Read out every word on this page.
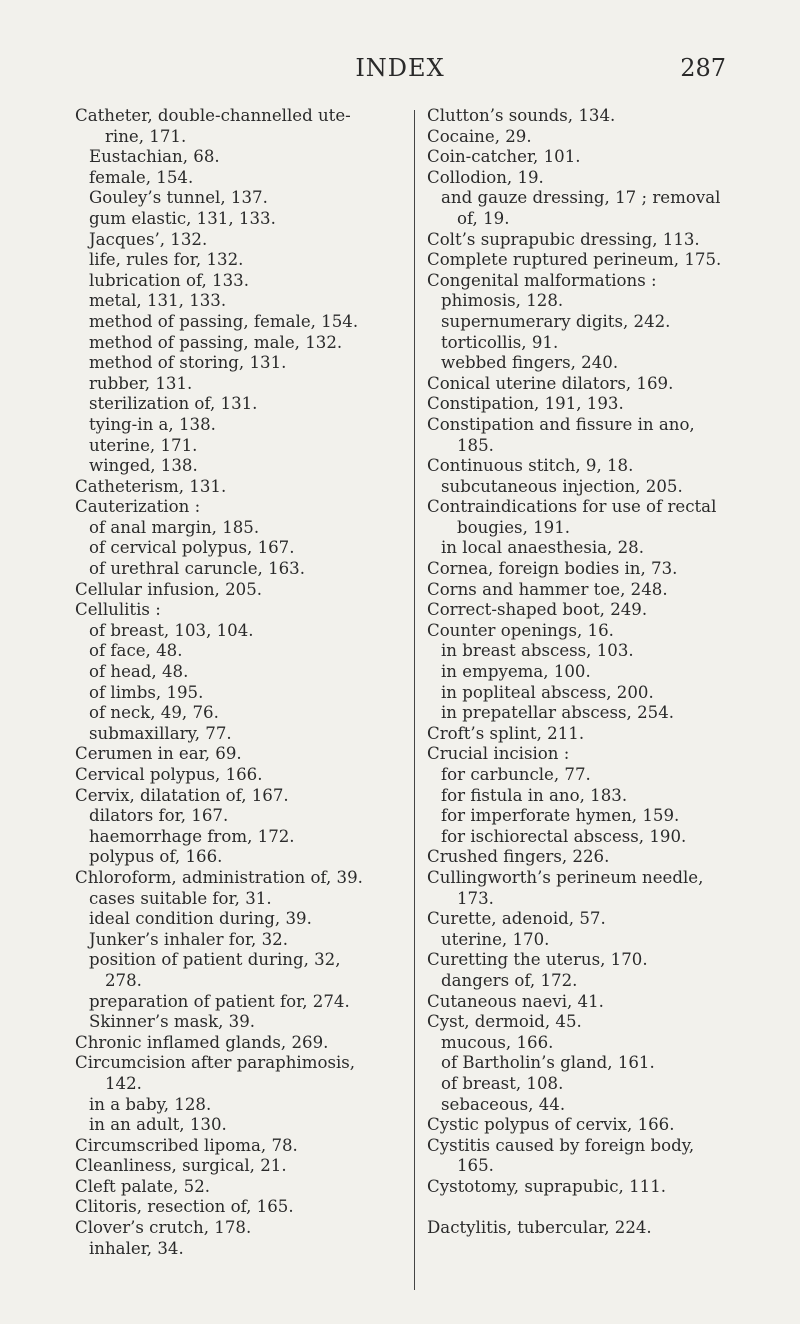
INDEX	287
Catheter, double-channelled ute-
rine, 171.
Eustachian, 68.
female, 154.
Gouley’s tunnel, 137.
gum elastic, 131, 133.
Jacques’, 132.
life, rules for, 132.
lubrication of, 133.
metal, 131, 133.
method of passing, female, 154.
method of passing, male, 132.
method of storing, 131.
rubber, 131.
sterilization of, 131.
tying-in a, 138.
uterine, 171.
winged, 138.
Catheterism, 131.
Cauterization :
of anal margin, 185.
of cervical polypus, 167.
of urethral caruncle, 163.
Cellular infusion, 205.
Cellulitis :
of breast, 103, 104.
of face, 48.
of head, 48.
of limbs, 195.
of neck, 49, 76.
submaxillary, 77.
Cerumen in ear, 69.
Cervical polypus, 166.
Cervix, dilatation of, 167.
dilators for, 167.
haemorrhage from, 172.
polypus of, 166.
Chloroform, administration of, 39.
cases suitable for, 31.
ideal condition during, 39.
Junker’s inhaler for, 32.
position of patient during, 32,
278.
preparation of patient for, 274.
Skinner’s mask, 39.
Chronic inflamed glands, 269.
Circumcision after paraphimosis,
142.
in a baby, 128.
in an adult, 130.
Circumscribed lipoma, 78.
Cleanliness, surgical, 21.
Cleft palate, 52.
Clitoris, resection of, 165.
Clover’s crutch, 178.
inhaler, 34.
Clutton’s sounds, 134.
Cocaine, 29.
Coin-catcher, 101.
Collodion, 19.
and gauze dressing, 17 ; removal
of, 19.
Colt’s suprapubic dressing, 113.
Complete ruptured perineum, 175.
Congenital malformations :
phimosis, 128.
supernumerary digits, 242.
torticollis, 91.
webbed fingers, 240.
Conical uterine dilators, 169.
Constipation, 191, 193.
Constipation and fissure in ano,
185.
Continuous stitch, 9, 18.
subcutaneous injection, 205.
Contraindications for use of rectal
bougies, 191.
in local anaesthesia, 28.
Cornea, foreign bodies in, 73.
Corns and hammer toe, 248.
Correct-shaped boot, 249.
Counter openings, 16.
in breast abscess, 103.
in empyema, 100.
in popliteal abscess, 200.
in prepatellar abscess, 254.
Croft’s splint, 211.
Crucial incision :
for carbuncle, 77.
for fistula in ano, 183.
for imperforate hymen, 159.
for ischiorectal abscess, 190.
Crushed fingers, 226.
Cullingworth’s perineum needle,
173.
Curette, adenoid, 57.
uterine, 170.
Curetting the uterus, 170.
dangers of, 172.
Cutaneous naevi, 41.
Cyst, dermoid, 45.
mucous, 166.
of Bartholin’s gland, 161.
of breast, 108.
sebaceous, 44.
Cystic polypus of cervix, 166.
Cystitis caused by foreign body,
165.
Cystotomy, suprapubic, 111.

Dactylitis, tubercular, 224.
